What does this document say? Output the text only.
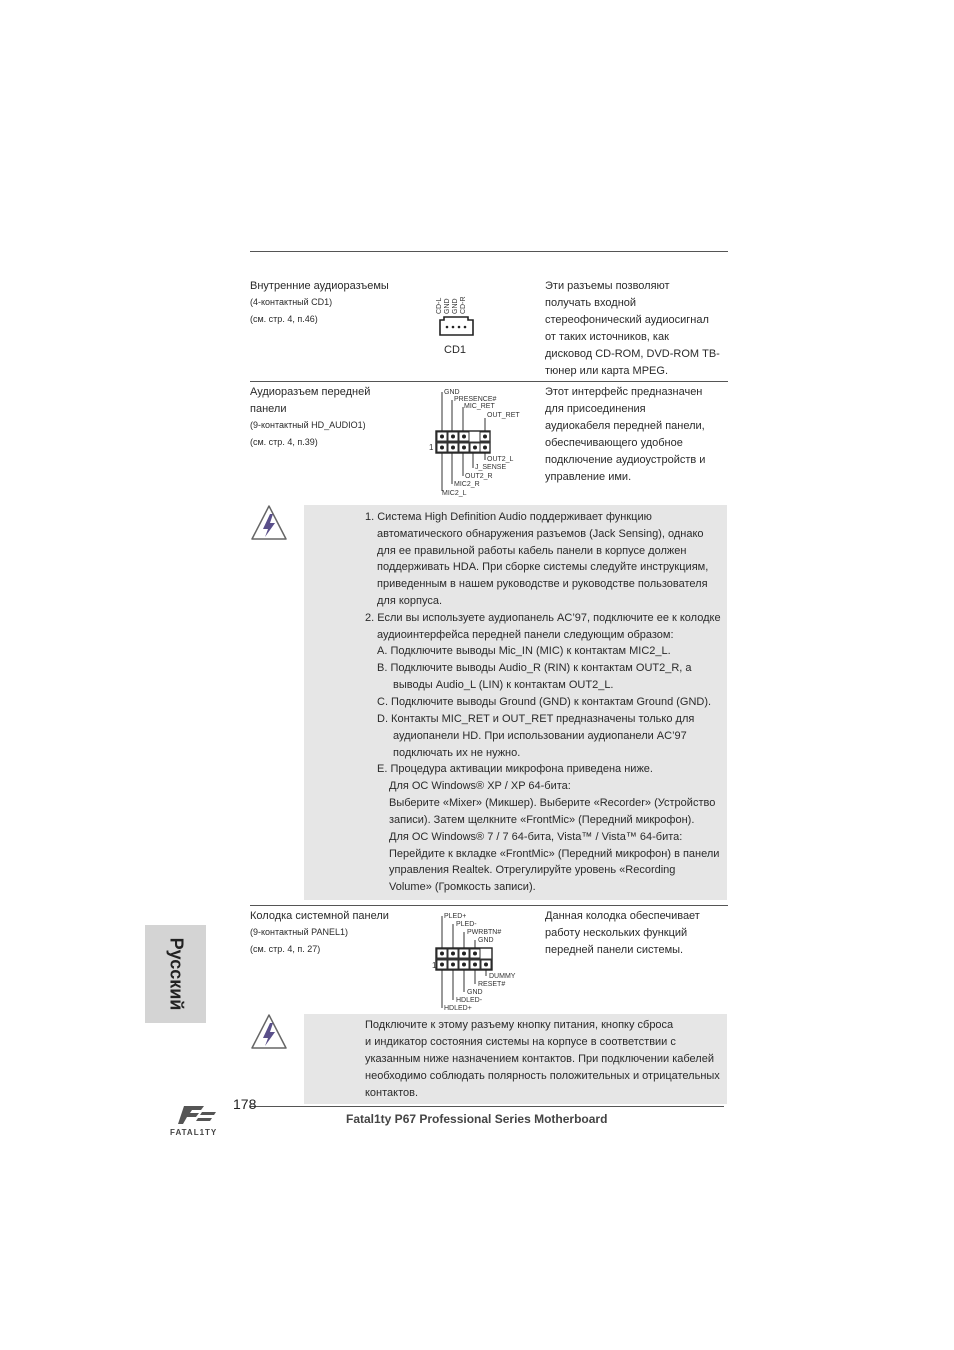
Внутренние аудиоразъемы
(4-контактный CD1)
(см. стр. 4, п.46)
CD-L GND GND CD-R
CD1
Эти разъемы позволяют
получать входной
стереофонический аудиосигнал
от таких источников, как
дисковод CD-ROM, DVD-ROM ТВ-
тюнер или карта MPEG.
Аудиоразъем передней
панели
(9-контактный HD_AUDIO1)
(см. стр. 4, п.39)
GND
PRESENCE#
MIC_RET
OUT_RET
1
OUT2_L
J_SENSE
OUT2_R
MIC2_R
MIC2_L
Этот интерфейс предназначен
для присоединения
аудиокабеля передней панели,
обеспечивающего удобное
подключение аудиоустройств и
управление ими.
1. Система High Definition Audio поддерживает функцию
автоматического обнаружения разъемов (Jack Sensing), однако
для ее правильной работы кабель панели в корпусе должен
поддерживать HDA. При сборке системы следуйте инструкциям,
приведенным в нашем руководстве и руководстве пользователя
для корпуса.
2. Если вы используете аудиопанель AC’97, подключите ее к колодке
аудиоинтерфейса передней панели следующим образом:
A. Подключите выводы Mic_IN (MIC) к контактам MIC2_L.
B. Подключите выводы Audio_R (RIN) к контактам OUT2_R, а
выводы Audio_L (LIN) к контактам OUT2_L.
C. Подключите выводы Ground (GND) к контактам Ground (GND).
D. Контакты MIC_RET и OUT_RET предназначены только для
аудиопанели HD. При использовании аудиопанели AC’97
подключать их не нужно.
E. Процедура активации микрофона приведена ниже.
Для ОС Windows® XP / XP 64-бита:
Выберите «Mixer» (Микшер). Выберите «Recorder» (Устройство
записи). Затем щелкните «FrontMic» (Передний микрофон).
Для ОС Windows® 7 / 7 64-бита, Vista™ / Vista™ 64-бита:
Перейдите к вкладке «FrontMic» (Передний микрофон) в панели
управления Realtek. Отрегулируйте уровень «Recording
Volume» (Громкость записи).
Колодка системной панели
(9-контактный PANEL1)
(см. стр. 4, п. 27)
PLED+
PLED-
PWRBTN#
GND
1
DUMMY
RESET#
GND
HDLED-
HDLED+
Данная колодка обеспечивает
работу нескольких функций
передней панели системы.
Русский
Подключите к этому разъему кнопку питания, кнопку сброса
и индикатор состояния системы на корпусе в соответствии с
указанным ниже назначением контактов. При подключении кабелей
необходимо соблюдать полярность положительных и отрицательных
контактов.
178
Fatal1ty P67 Professional Series Motherboard
FATAL1TY
